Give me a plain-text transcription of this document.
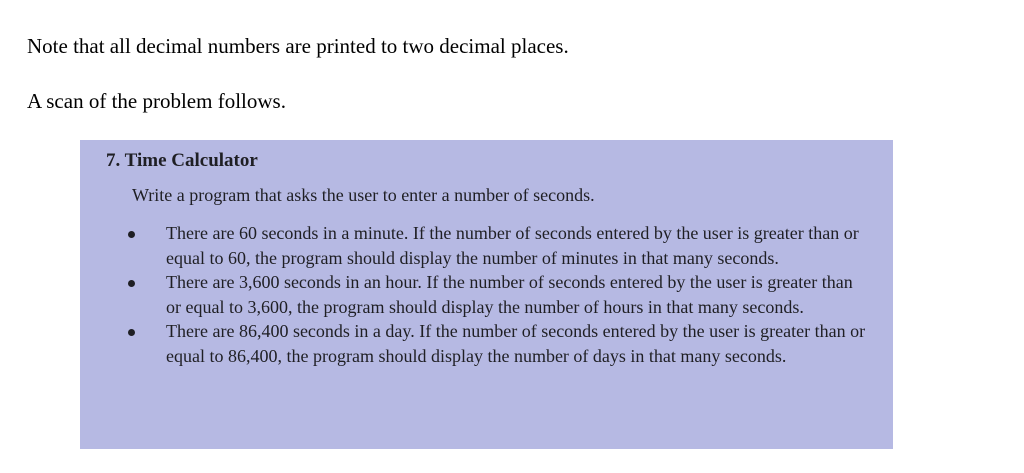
Note that all decimal numbers are printed to two decimal places.

A scan of the problem follows.

7. Time Calculator
Write a program that asks the user to enter a number of seconds.
There are 60 seconds in a minute. If the number of seconds entered by the user is greater than or equal to 60, the program should display the number of minutes in that many seconds.
There are 3,600 seconds in an hour. If the number of seconds entered by the user is greater than or equal to 3,600, the program should display the number of hours in that many seconds.
There are 86,400 seconds in a day. If the number of seconds entered by the user is greater than or equal to 86,400, the program should display the number of days in that many seconds.
